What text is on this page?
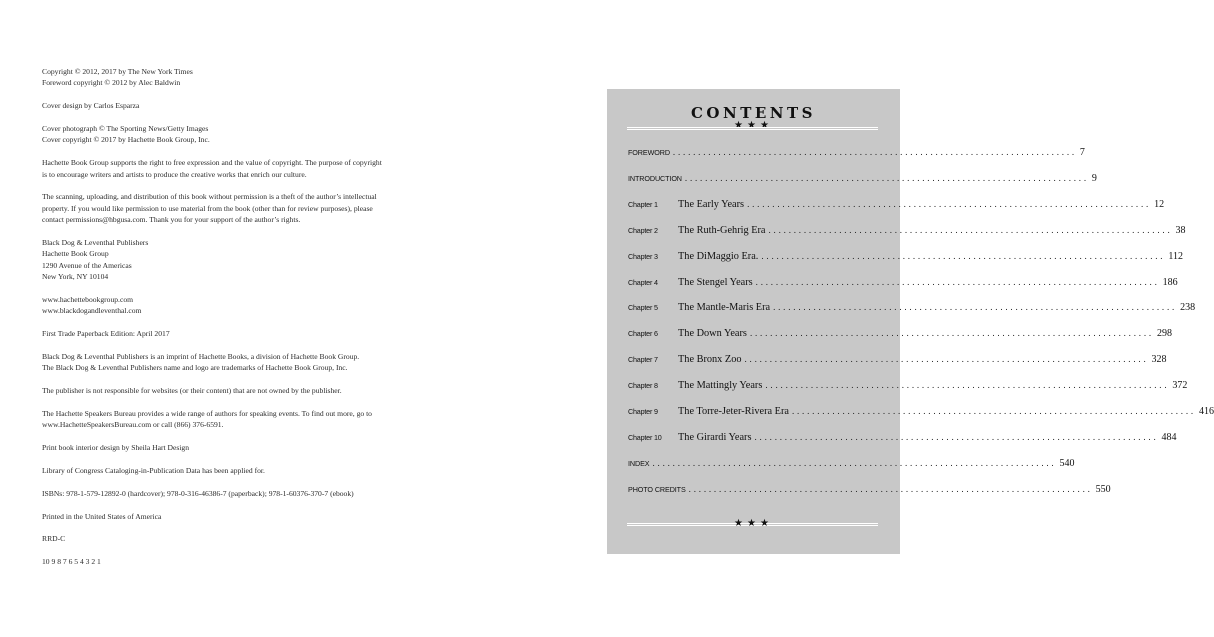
Copyright © 2012, 2017 by The New York Times
Foreword copyright © 2012 by Alec Baldwin
Cover design by Carlos Esparza
Cover photograph © The Sporting News/Getty Images
Cover copyright © 2017 by Hachette Book Group, Inc.
Hachette Book Group supports the right to free expression and the value of copyright. The purpose of copyright
is to encourage writers and artists to produce the creative works that enrich our culture.
The scanning, uploading, and distribution of this book without permission is a theft of the author’s intellectual
property. If you would like permission to use material from the book (other than for review purposes), please
contact permissions@hbgusa.com. Thank you for your support of the author’s rights.
Black Dog & Leventhal Publishers
Hachette Book Group
1290 Avenue of the Americas
New York, NY 10104
www.hachettebookgroup.com
www.blackdogandleventhal.com
First Trade Paperback Edition: April 2017
Black Dog & Leventhal Publishers is an imprint of Hachette Books, a division of Hachette Book Group.
The Black Dog & Leventhal Publishers name and logo are trademarks of Hachette Book Group, Inc.
The publisher is not responsible for websites (or their content) that are not owned by the publisher.
The Hachette Speakers Bureau provides a wide range of authors for speaking events. To find out more, go to
www.HachetteSpeakersBureau.com or call (866) 376-6591.
Print book interior design by Sheila Hart Design
Library of Congress Cataloging-in-Publication Data has been applied for.
ISBNs: 978-1-579-12892-0 (hardcover); 978-0-316-46386-7 (paperback); 978-1-60376-370-7 (ebook)
Printed in the United States of America
RRD-C
10 9 8 7 6 5 4 3 2 1
CONTENTS
★★★
FOREWORD ................................................................................ 7
INTRODUCTION ................................................................................ 9
Chapter 1	The Early Years ................................................................................ 12
Chapter 2	The Ruth-Gehrig Era ................................................................................ 38
Chapter 3	The DiMaggio Era. ................................................................................ 112
Chapter 4	The Stengel Years ................................................................................ 186
Chapter 5	The Mantle-Maris Era ................................................................................ 238
Chapter 6	The Down Years ................................................................................ 298
Chapter 7	The Bronx Zoo ................................................................................ 328
Chapter 8	The Mattingly Years ................................................................................ 372
Chapter 9	The Torre-Jeter-Rivera Era ................................................................................ 416
Chapter 10	The Girardi Years ................................................................................ 484
INDEX ................................................................................ 540
PHOTO CREDITS ................................................................................ 550
★★★
